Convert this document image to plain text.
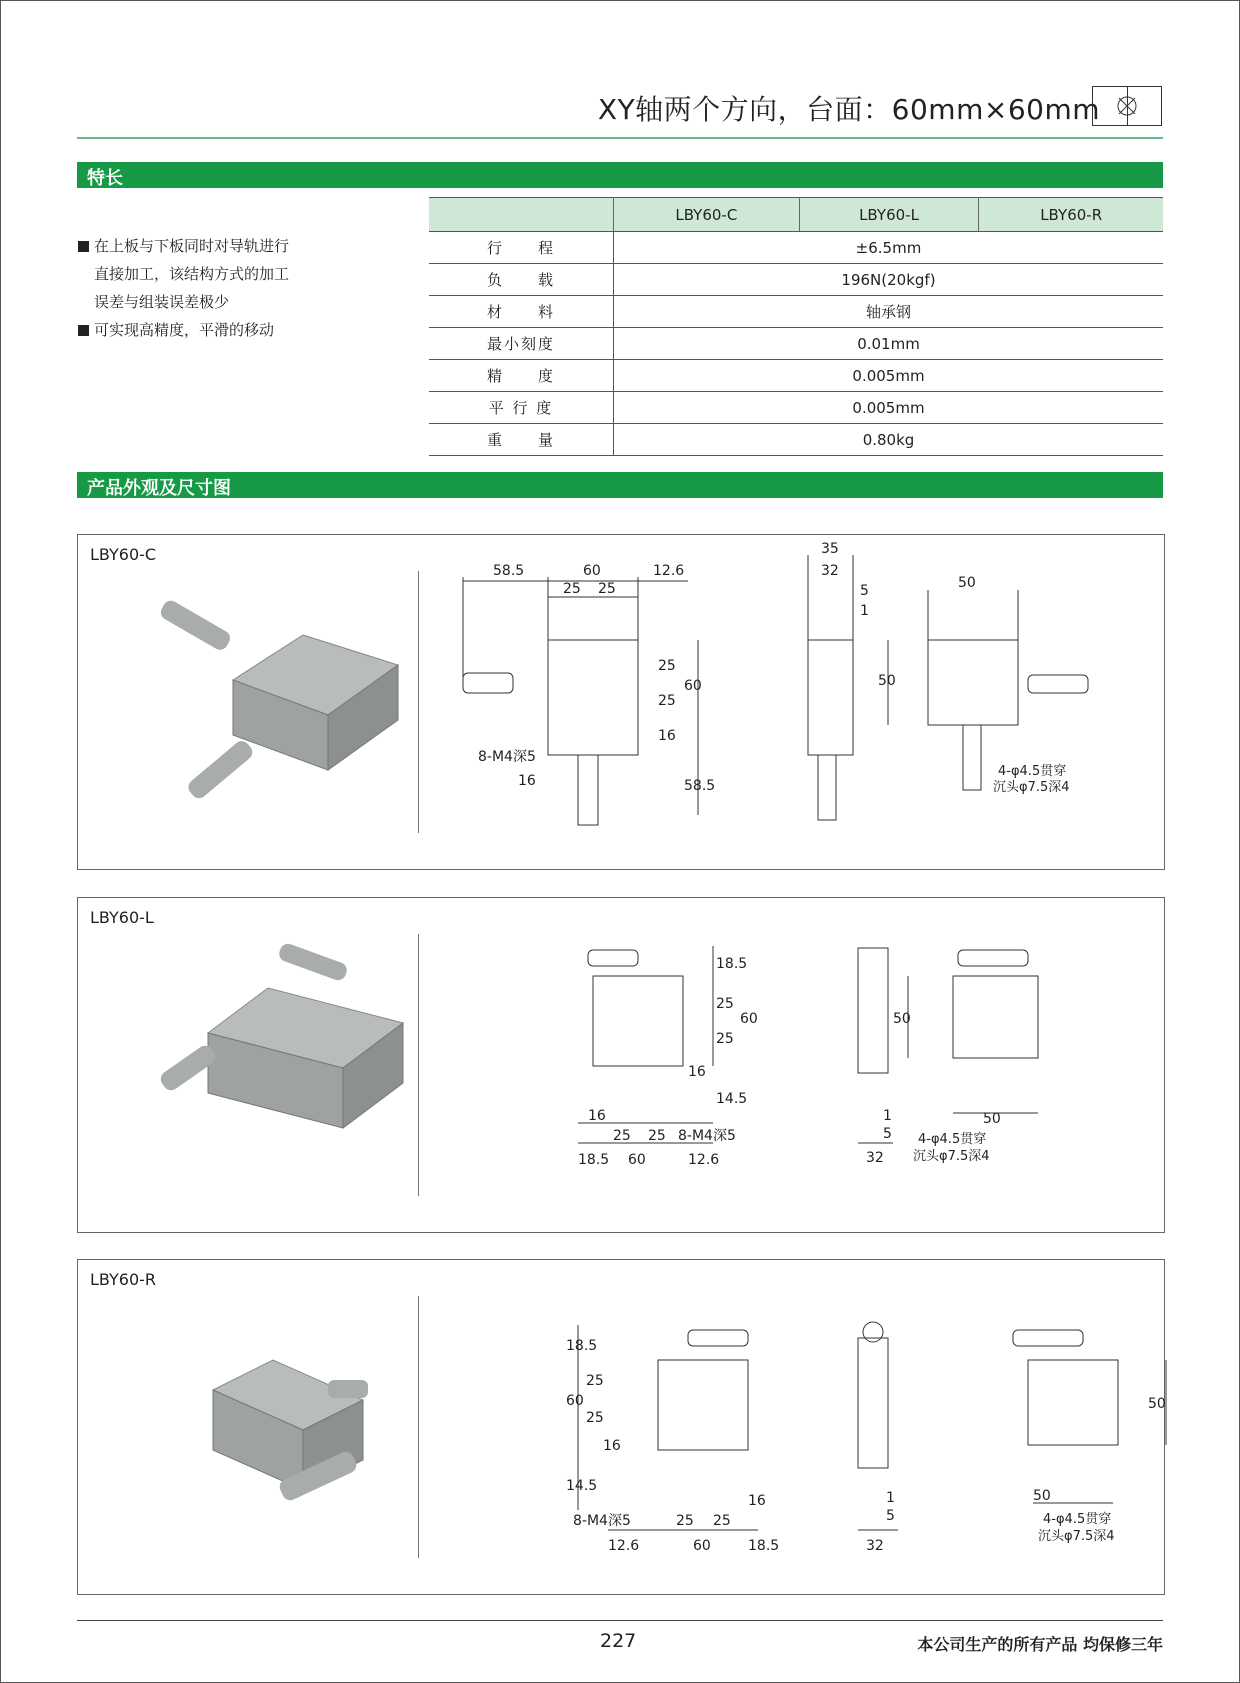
XY轴两个方向，台面：60mm×60mm
特长
在上板与下板同时对导轨进行
直接加工，该结构方式的加工
误差与组装误差极少
可实现高精度，平滑的移动
	LBY60-C	LBY60-L	LBY60-R
行　　程	±6.5mm		
负　　载	196N(20kgf)		
材　　料	轴承钢		
最小刻度	0.01mm		
精　　度	0.005mm		
平 行 度	0.005mm		
重　　量	0.80kg		
产品外观及尺寸图
LBY60-C
58.5	60	12.6
25 25
25
25
60
16
58.5
16
8-M4深5
35
32
5
1
50
50
4-φ4.5贯穿
沉头φ7.5深4
LBY60-L
18.5
25
60
25
16
14.5
16
25 25
18.5 60	12.6
8-M4深5
1
5
32
50
50
4-φ4.5贯穿
沉头φ7.5深4
LBY60-R
18.5
25
60
25
16
14.5
16
25 25
12.6	60	18.5
8-M4深5
1
5
32
50
50
4-φ4.5贯穿
沉头φ7.5深4
227	本公司生产的所有产品 均保修三年
